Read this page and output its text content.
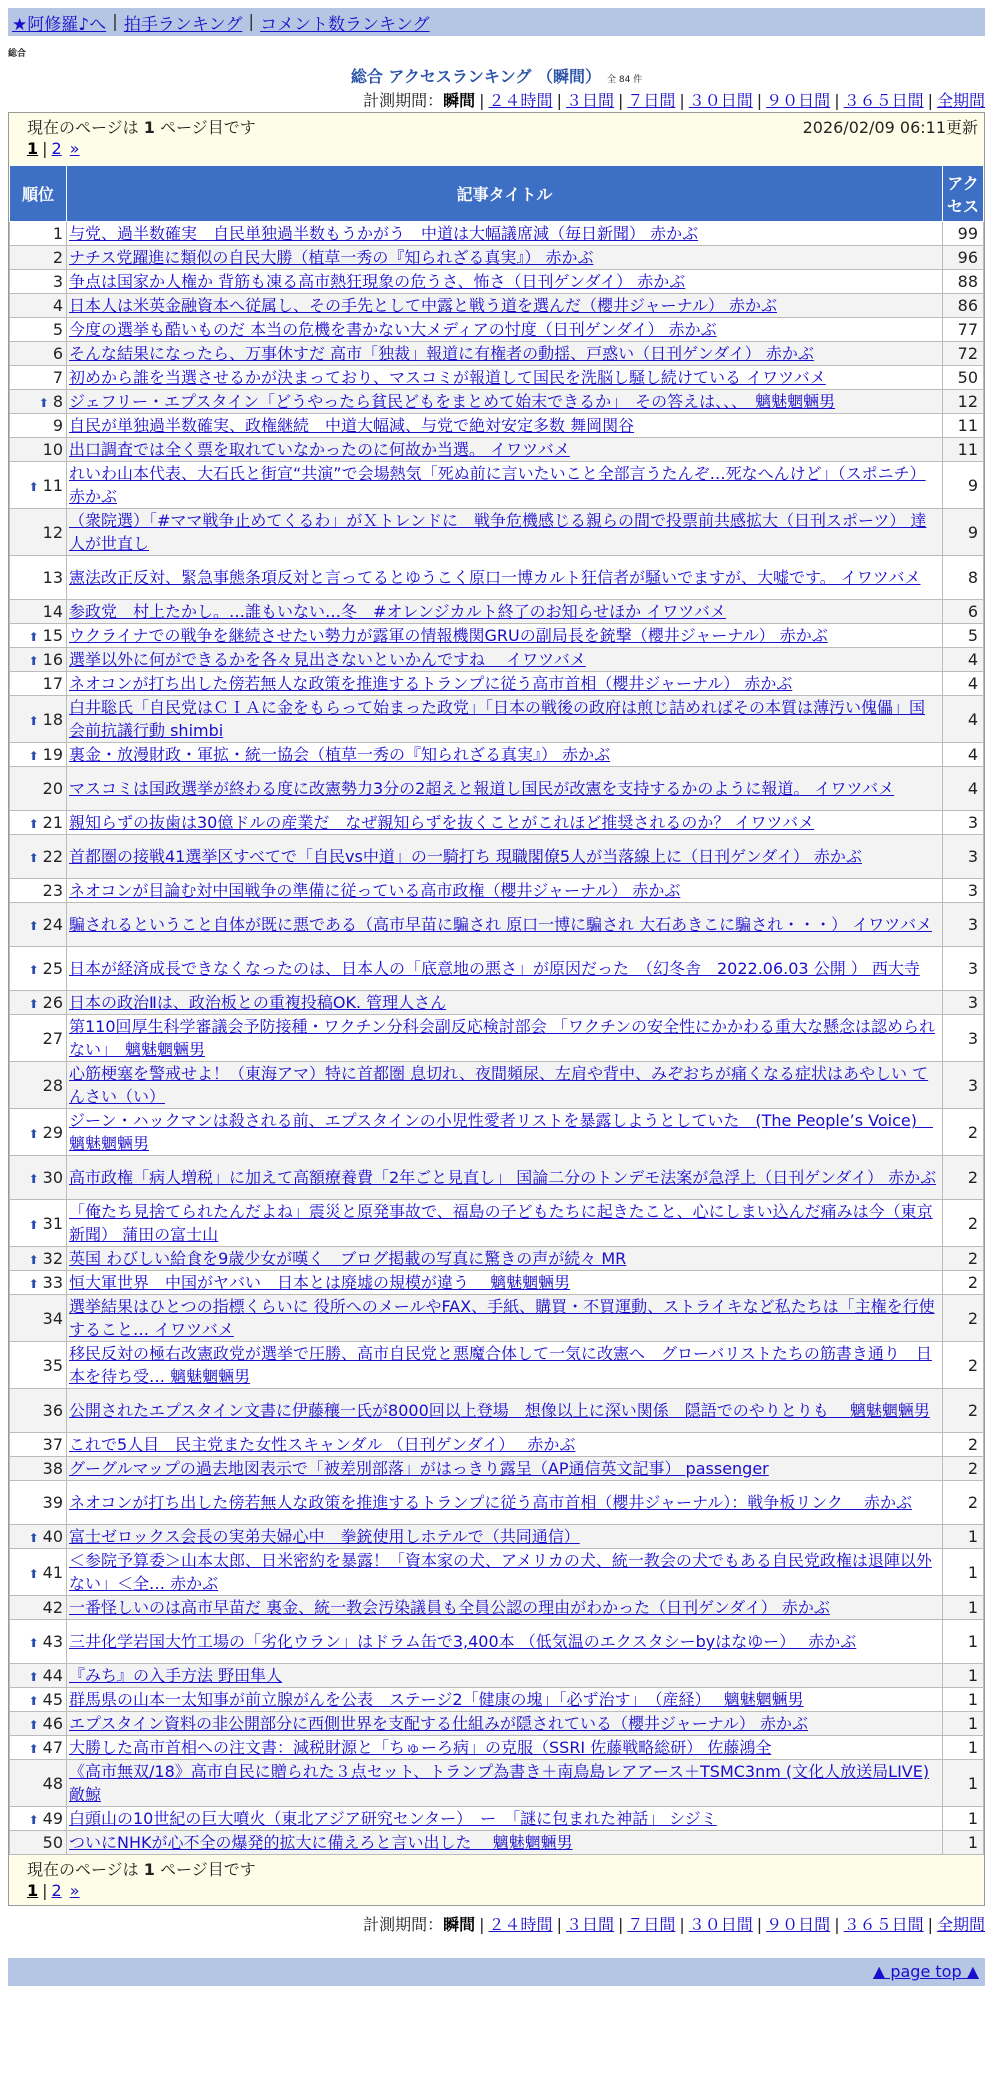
★阿修羅♪へ | 拍手ランキング | コメント数ランキング
総合
総合 アクセスランキング （瞬間） 全 84 件
計測期間：瞬間 | ２４時間 | ３日間 | ７日間 | ３０日間 | ９０日間 | ３６５日間 | 全期間
現在のページは 1 ページ目です	2026/02/09 06:11更新
1 | 2 »
順位	記事タイトル	アクセス
1	与党、過半数確実　自民単独過半数もうかがう　中道は大幅議席減（毎日新聞） 赤かぶ	99
2	ナチス党躍進に類似の自民大勝（植草一秀の『知られざる真実』） 赤かぶ	96
3	争点は国家か人権か 背筋も凍る高市熱狂現象の危うさ、怖さ（日刊ゲンダイ） 赤かぶ	88
4	日本人は米英金融資本へ従属し、その手先として中露と戦う道を選んだ（櫻井ジャーナル） 赤かぶ	86
5	今度の選挙も酷いものだ 本当の危機を書かない大メディアの忖度（日刊ゲンダイ） 赤かぶ	77
6	そんな結果になったら、万事休すだ 高市「独裁」報道に有権者の動揺、戸惑い（日刊ゲンダイ） 赤かぶ	72
7	初めから誰を当選させるかが決まっており、マスコミが報道して国民を洗脳し騒し続けている イワツバメ	50
⬆ 8	ジェフリー・エプスタイン「どうやったら貧民どもをまとめて始末できるか」　その答えは、、、　魑魅魍魎男	12
9	自民が単独過半数確実、政権継続　中道大幅減、与党で絶対安定多数 舞岡関谷	11
10	出口調査では全く票を取れていなかったのに何故か当選。 イワツバメ	11
⬆ 11	れいわ山本代表、大石氏と街宣“共演”で会場熱気「死ぬ前に言いたいこと全部言うたんぞ…死なへんけど」（スポニチ） 赤かぶ	9
12	（衆院選）「#ママ戦争止めてくるわ」がＸトレンドに　戦争危機感じる親らの間で投票前共感拡大（日刊スポーツ） 達人が世直し	9
13	憲法改正反対、緊急事態条項反対と言ってるとゆうこく原口一博カルト狂信者が騒いでますが、大嘘です。 イワツバメ	8
14	参政党　村上たかし。…誰もいない…冬　#オレンジカルト終了のお知らせほか イワツバメ	6
⬆ 15	ウクライナでの戦争を継続させたい勢力が露軍の情報機関GRUの副局長を銃撃（櫻井ジャーナル） 赤かぶ	5
⬆ 16	選挙以外に何ができるかを各々見出さないといかんですね　 イワツバメ	4
17	ネオコンが打ち出した傍若無人な政策を推進するトランプに従う高市首相（櫻井ジャーナル） 赤かぶ	4
⬆ 18	白井聡氏「自民党はＣＩＡに金をもらって始まった政党」「日本の戦後の政府は煎じ詰めればその本質は薄汚い傀儡」国会前抗議行動 shimbi	4
⬆ 19	裏金・放漫財政・軍拡・統一協会（植草一秀の『知られざる真実』） 赤かぶ	4
20	マスコミは国政選挙が終わる度に改憲勢力3分の2超えと報道し国民が改憲を支持するかのように報道。 イワツバメ	4
⬆ 21	親知らずの抜歯は30億ドルの産業だ　なぜ親知らずを抜くことがこれほど推奨されるのか？ イワツバメ	3
⬆ 22	首都圏の接戦41選挙区すべてで「自民vs中道」の一騎打ち 現職閣僚5人が当落線上に（日刊ゲンダイ） 赤かぶ	3
23	ネオコンが目論む対中国戦争の準備に従っている高市政権（櫻井ジャーナル） 赤かぶ	3
⬆ 24	騙されるということ自体が既に悪である（高市早苗に騙され 原口一博に騙され 大石あきこに騙され・・・） イワツバメ	3
⬆ 25	日本が経済成長できなくなったのは、日本人の「底意地の悪さ」が原因だった　（幻冬舎　2022.06.03 公開 ） 西大寺	3
⬆ 26	日本の政治Ⅱは、政治板との重複投稿OK. 管理人さん	3
27	第110回厚生科学審議会予防接種・ワクチン分科会副反応検討部会 「ワクチンの安全性にかかわる重大な懸念は認められない」　魑魅魍魎男	3
28	心筋梗塞を警戒せよ！（東海アマ）特に首都圏 息切れ、夜間頻尿、左肩や背中、みぞおちが痛くなる症状はあやしい てんさい（い）	3
⬆ 29	ジーン・ハックマンは殺される前、エプスタインの小児性愛者リストを暴露しようとしていた　(The People’s Voice)　魑魅魍魎男	2
⬆ 30	高市政権「病人増税」に加えて高額療養費「2年ごと見直し」 国論二分のトンデモ法案が急浮上（日刊ゲンダイ） 赤かぶ	2
⬆ 31	「俺たち見捨てられたんだよね」震災と原発事故で、福島の子どもたちに起きたこと、心にしまい込んだ痛みは今（東京新聞） 蒲田の富士山	2
⬆ 32	英国 わびしい給食を9歳少女が嘆く　ブログ掲載の写真に驚きの声が続々 MR	2
⬆ 33	恒大軍世界　中国がヤバい　日本とは廃墟の規模が違う　 魑魅魍魎男	2
34	選挙結果はひとつの指標くらいに 役所へのメールやFAX、手紙、購買・不買運動、ストライキなど私たちは「主権を行使すること… イワツバメ	2
35	移民反対の極右改憲政党が選挙で圧勝、高市自民党と悪魔合体して一気に改憲へ　グローバリストたちの筋書き通り　日本を待ち受… 魑魅魍魎男	2
36	公開されたエプスタイン文書に伊藤穰一氏が8000回以上登場　想像以上に深い関係　隠語でのやりとりも　 魑魅魍魎男	2
37	これで5人目　民主党また女性スキャンダル （日刊ゲンダイ）　 赤かぶ	2
38	グーグルマップの過去地図表示で「被差別部落」がはっきり露呈（AP通信英文記事） passenger	2
39	ネオコンが打ち出した傍若無人な政策を推進するトランプに従う高市首相（櫻井ジャーナル）：戦争板リンク　 赤かぶ	2
⬆ 40	富士ゼロックス会長の実弟夫婦心中　拳銃使用しホテルで（共同通信）	1
⬆ 41	＜参院予算委＞山本太郎、日米密約を暴露！「資本家の犬、アメリカの犬、統一教会の犬でもある自民党政権は退陣以外ない」＜全… 赤かぶ	1
42	一番怪しいのは高市早苗だ 裏金、統一教会汚染議員も全員公認の理由がわかった（日刊ゲンダイ） 赤かぶ	1
⬆ 43	三井化学岩国大竹工場の「劣化ウラン」はドラム缶で3,400本 （低気温のエクスタシーbyはなゆー）　 赤かぶ	1
⬆ 44	『みち』の入手方法 野田隼人	1
⬆ 45	群馬県の山本一太知事が前立腺がんを公表　ステージ2「健康の塊」「必ず治す」　（産経）　 魑魅魍魎男	1
⬆ 46	エプスタイン資料の非公開部分に西側世界を支配する仕組みが隠されている（櫻井ジャーナル） 赤かぶ	1
⬆ 47	大勝した高市首相への注文書：減税財源と「ちゅーろ病」の克服（SSRI 佐藤戦略総研） 佐藤鴻全	1
48	《高市無双/18》高市自民に贈られた３点セット、トランプ為書き＋南鳥島レアアース＋TSMC3nm (文化人放送局LIVE) 敵鯨	1
⬆ 49	白頭山の10世紀の巨大噴火（東北アジア研究センター）　ー　「謎に包まれた神話」 シジミ	1
50	ついにNHKが心不全の爆発的拡大に備えろと言い出した　 魑魅魍魎男	1
現在のページは 1 ページ目です
1 | 2 »
計測期間：瞬間 | ２４時間 | ３日間 | ７日間 | ３０日間 | ９０日間 | ３６５日間 | 全期間
▲ page top ▲
